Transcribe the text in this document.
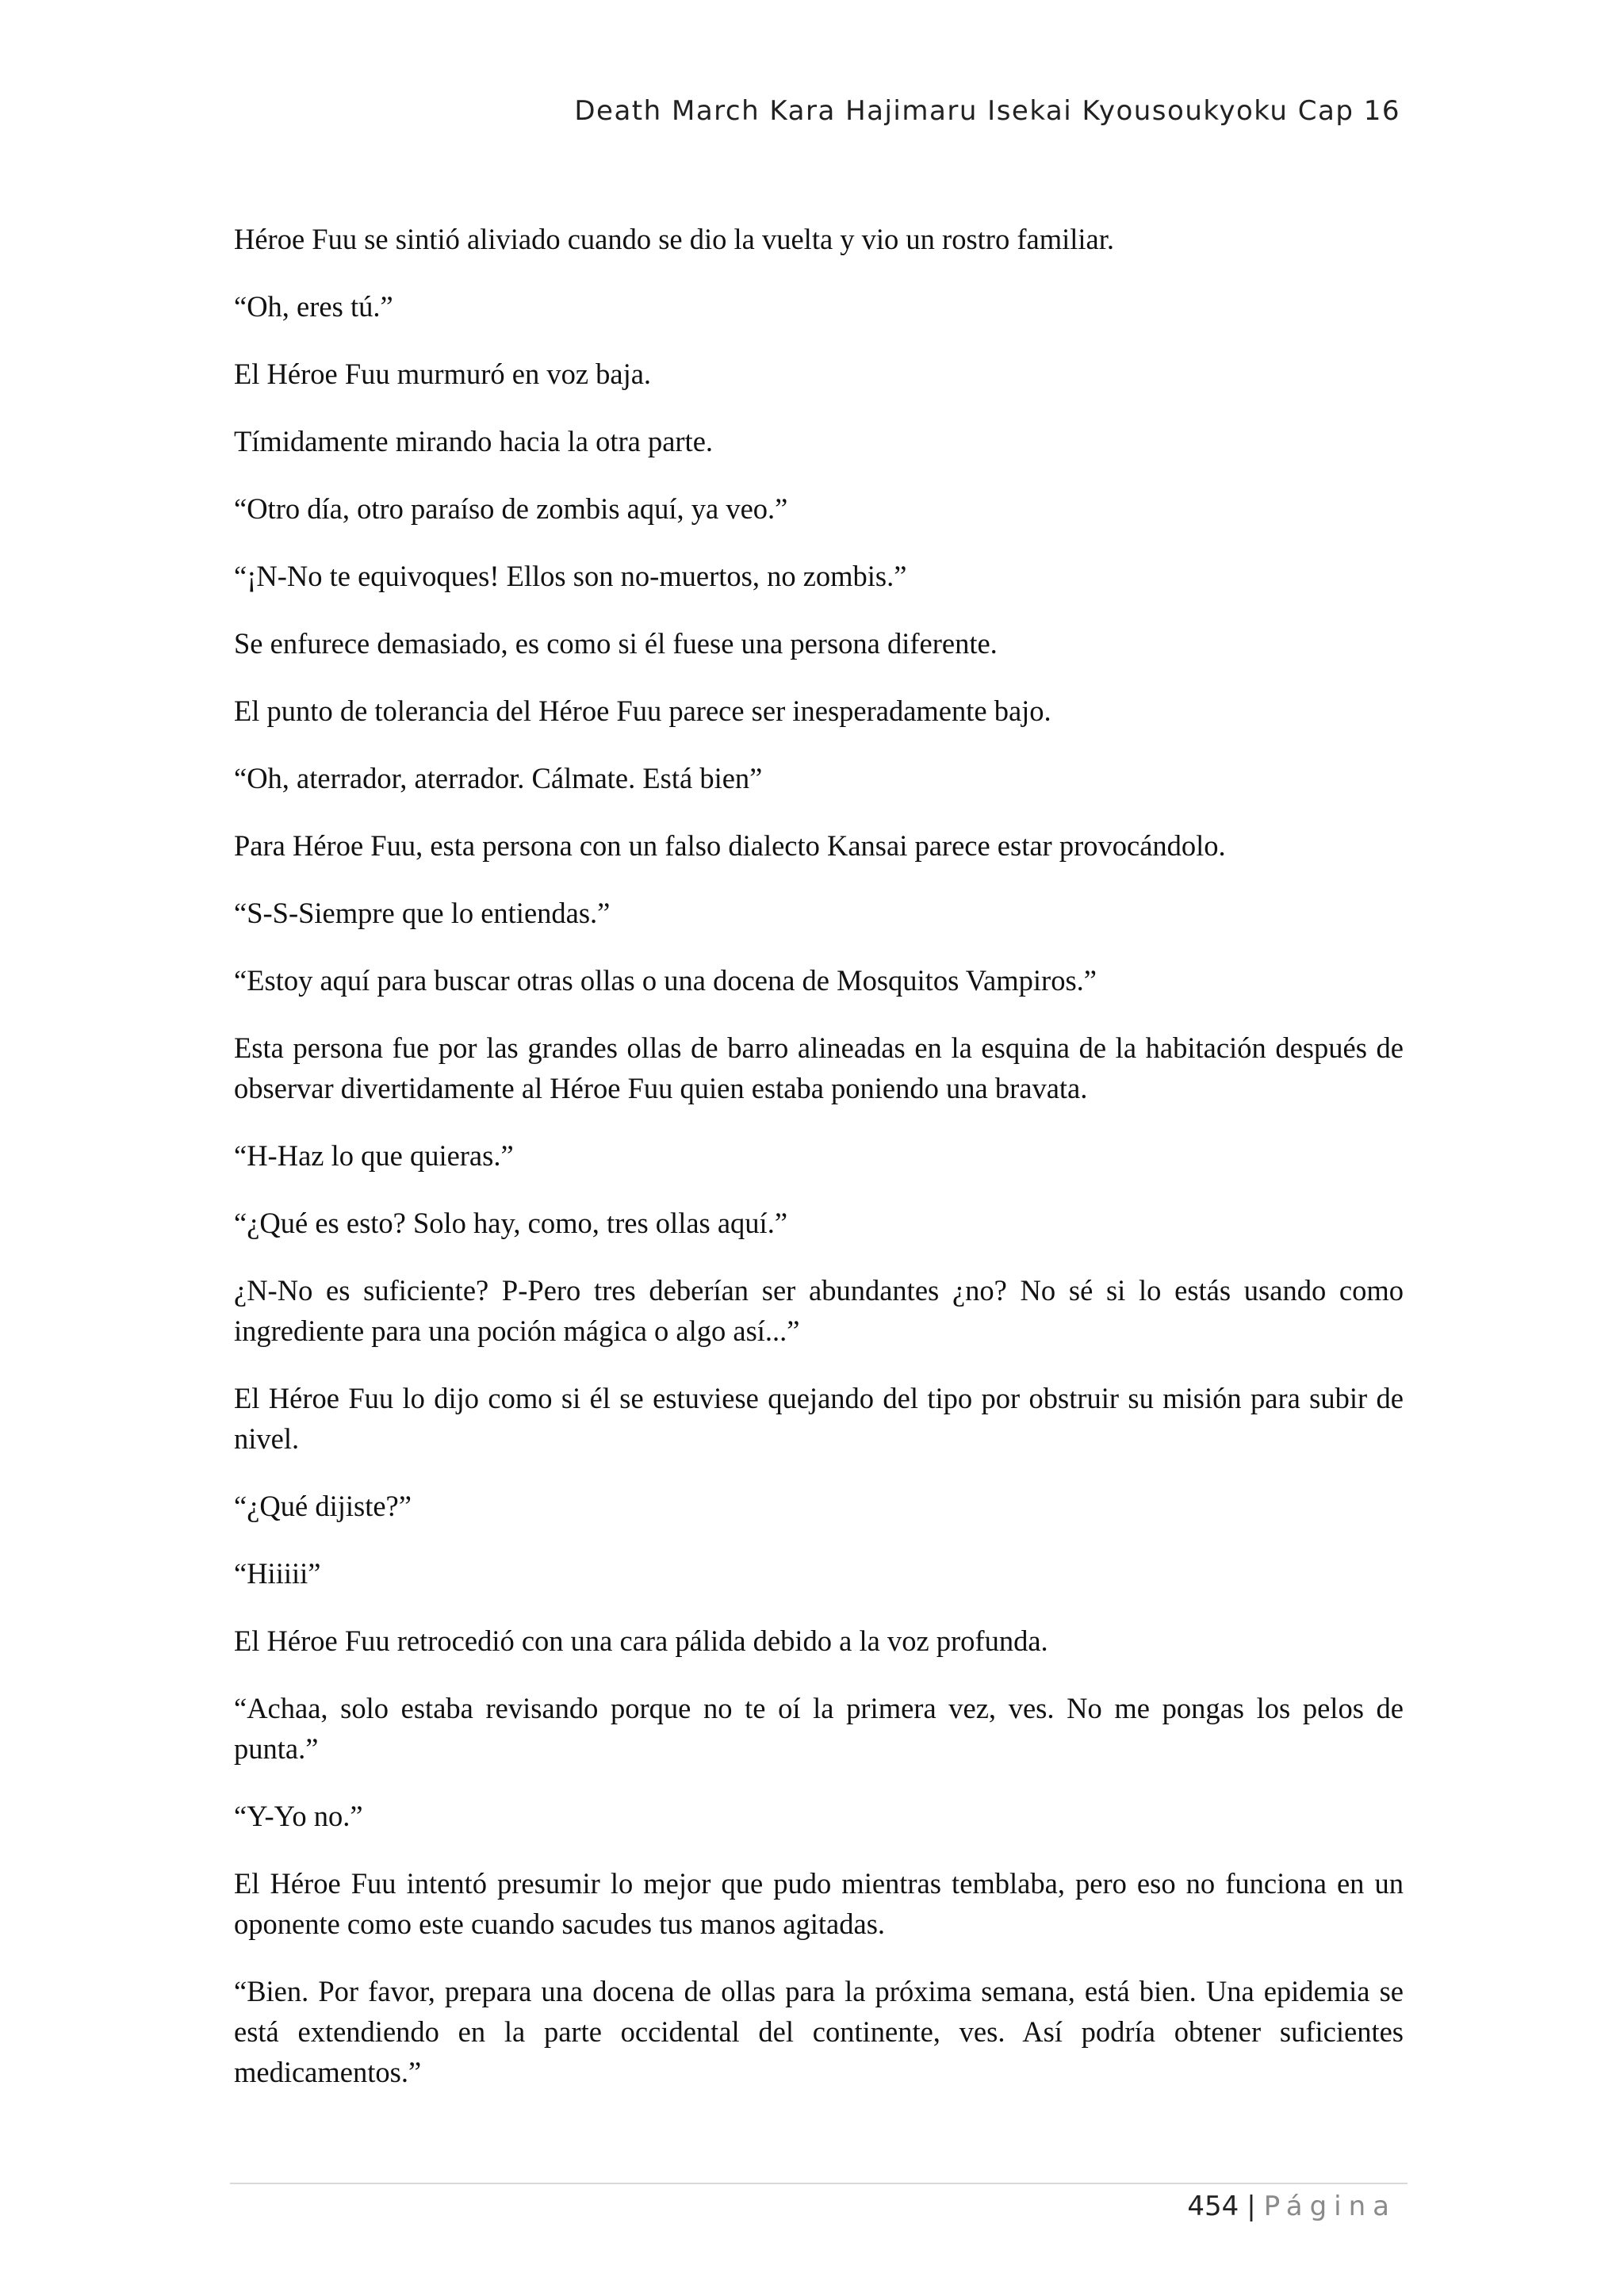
Death March Kara Hajimaru Isekai Kyousoukyoku Cap 16

Héroe Fuu se sintió aliviado cuando se dio la vuelta y vio un rostro familiar.

“Oh, eres tú.”

El Héroe Fuu murmuró en voz baja.

Tímidamente mirando hacia la otra parte.

“Otro día, otro paraíso de zombis aquí, ya veo.”

“¡N-No te equivoques! Ellos son no-muertos, no zombis.”

Se enfurece demasiado, es como si él fuese una persona diferente.

El punto de tolerancia del Héroe Fuu parece ser inesperadamente bajo.

“Oh, aterrador, aterrador. Cálmate. Está bien”

Para Héroe Fuu, esta persona con un falso dialecto Kansai parece estar provocándolo.

“S-S-Siempre que lo entiendas.”

“Estoy aquí para buscar otras ollas o una docena de Mosquitos Vampiros.”

Esta persona fue por las grandes ollas de barro alineadas en la esquina de la habitación después de observar divertidamente al Héroe Fuu quien estaba poniendo una bravata.

“H-Haz lo que quieras.”

“¿Qué es esto? Solo hay, como, tres ollas aquí.”

¿N-No es suficiente? P-Pero tres deberían ser abundantes ¿no? No sé si lo estás usando como ingrediente para una poción mágica o algo así...”

El Héroe Fuu lo dijo como si él se estuviese quejando del tipo por obstruir su misión para subir de nivel.

“¿Qué dijiste?”

“Hiiiii”

El Héroe Fuu retrocedió con una cara pálida debido a la voz profunda.

“Achaa, solo estaba revisando porque no te oí la primera vez, ves. No me pongas los pelos de punta.”

“Y-Yo no.”

El Héroe Fuu intentó presumir lo mejor que pudo mientras temblaba, pero eso no funciona en un oponente como este cuando sacudes tus manos agitadas.

“Bien. Por favor, prepara una docena de ollas para la próxima semana, está bien. Una epidemia se está extendiendo en la parte occidental del continente, ves. Así podría obtener suficientes medicamentos.”

454 | Página
